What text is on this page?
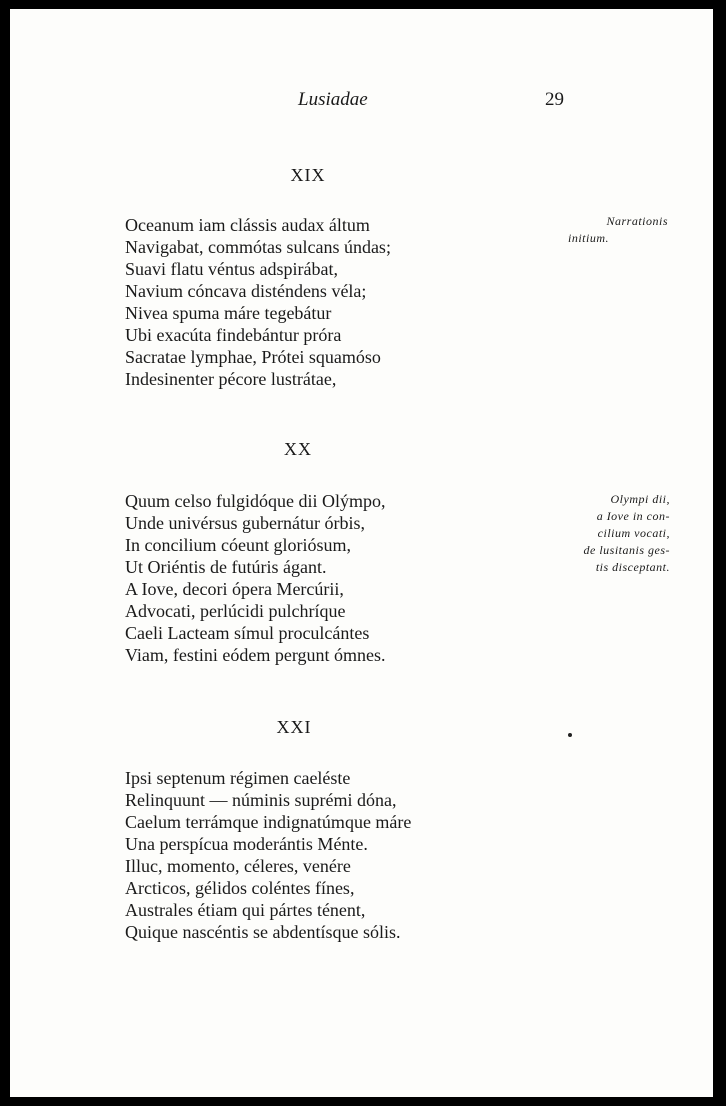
Lusiadae	29
XIX
Oceanum iam clássis audax áltum
Navigabat, commótas sulcans úndas;
Suavi flatu véntus adspirábat,
Navium cóncava disténdens véla;
Nivea spuma máre tegebátur
Ubi exacúta findebántur próra
Sacratae lymphae, Prótei squamóso
Indesinenter pécore lustrátae,
Narrationis
initium.
XX
Quum celso fulgidóque dii Olýmpo,
Unde univérsus gubernátur órbis,
In concilium cóeunt gloriósum,
Ut Oriéntis de futúris ágant.
A Iove, decori ópera Mercúrii,
Advocati, perlúcidi pulchríque
Caeli Lacteam símul proculcántes
Viam, festini eódem pergunt ómnes.
Olympi dii,
a Iove in con-
cilium vocati,
de lusitanis ges-
tis disceptant.
XXI
Ipsi septenum régimen caeléste
Relinquunt — núminis suprémi dóna,
Caelum terrámque indignatúmque máre
Una perspícua moderántis Ménte.
Illuc, momento, céleres, venére
Arcticos, gélidos coléntes fínes,
Australes étiam qui pártes ténent,
Quique nascéntis se abdentísque sólis.
